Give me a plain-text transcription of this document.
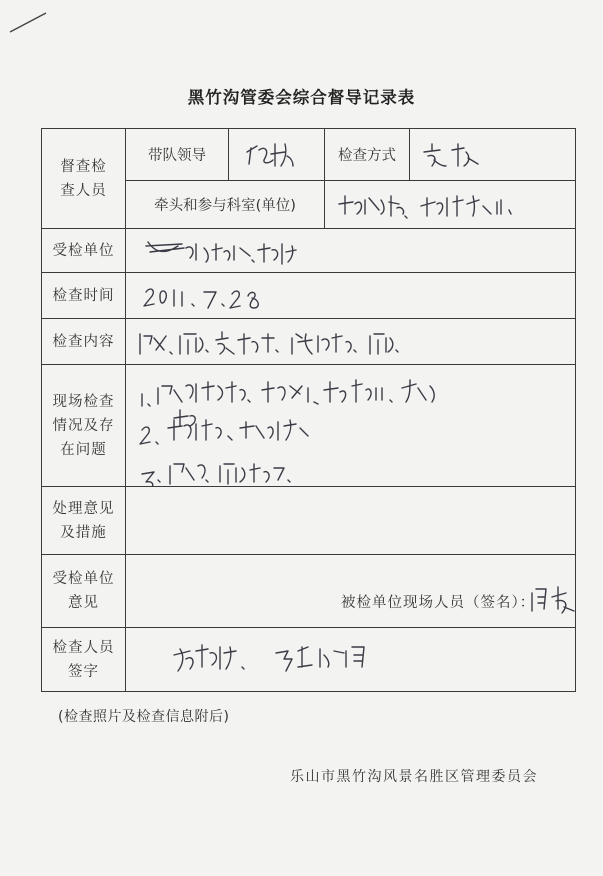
黑竹沟管委会综合督导记录表
督查检查人员	带队领导		检查方式	

	牵头和参与科室(单位)	

受检单位	

检查时间	

检查内容	

现场检查情况及存在问题

处理意见及措施				

受检单位意见	被检单位现场人员（签名）：			

检查人员签字

(检查照片及检查信息附后)
乐山市黑竹沟风景名胜区管理委员会
